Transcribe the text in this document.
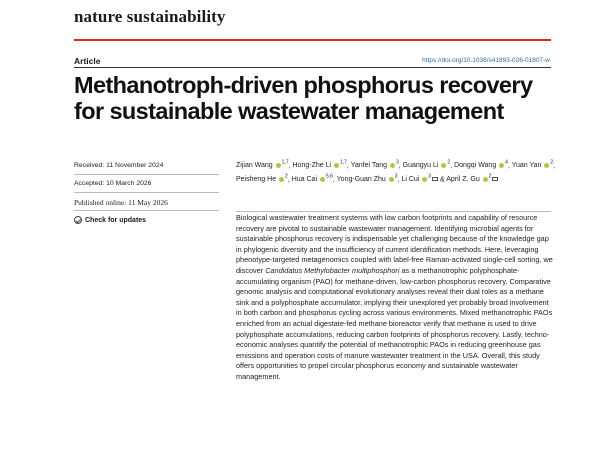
nature sustainability
Article	https://doi.org/10.1038/s41893-026-01807-w
Methanotroph-driven phosphorus recovery for sustainable wastewater management
Received: 11 November 2024
Accepted: 10 March 2026
Published online: 11 May 2026
Check for updates
Zijian Wang $^{1,7}$, Hong-Zhe Li $^{1,7}$, Yanfei Tang $^3$, Guangyu Li $^2$, Dongqi Wang $^4$, Yuan Yan $^2$, Peisheng He $^2$, Hua Cai $^{5,6}$, Yong-Guan Zhu $^3$, Li Cui $^3$ & April Z. Gu $^2$
Biological wastewater treatment systems with low carbon footprints and capability of resource recovery are pivotal to sustainable wastewater management. Identifying microbial agents for sustainable phosphorus recovery is indispensable yet challenging because of the knowledge gap in phylogenic diversity and the insufficiency of current identification methods. Here, leveraging phenotype-targeted metagenomics coupled with label-free Raman-activated single-cell sorting, we discover Candidatus Methylobacter multiphosphori as a methanotrophic polyphosphate-accumulating organism (PAO) for methane-driven, low-carbon phosphorus recovery. Comparative genomic analysis and computational evolutionary analyses reveal their dual roles as a methane sink and a polyphosphate accumulator, implying their unexplored yet probably broad involvement in both carbon and phosphorus cycling across various environments. Mixed methanotrophic PAOs enriched from an actual digestate-fed methane bioreactor verify that methane is used to drive polyphosphate accumulations, reducing carbon footprints of phosphorus recovery. Lastly, techno-economic analyses quantify the potential of methanotrophic PAOs in reducing greenhouse gas emissions and operation costs of manure wastewater treatment in the USA. Overall, this study offers opportunities to propel circular phosphorus economy and sustainable wastewater management.
